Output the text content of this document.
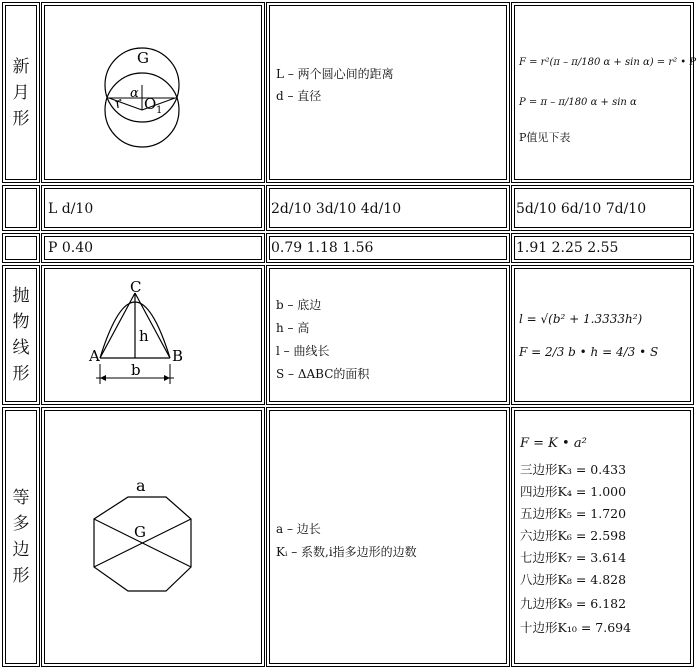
新
月
形
G
r
α
O 1
L – 两个圆心间的距离
d – 直径
F = r²(π – π/180 α + sin α) = r² • P
P = π – π/180 α + sin α
P值见下表
L d/10	2d/10 3d/10 4d/10	5d/10 6d/10 7d/10
P 0.40	0.79 1.18 1.56	1.91 2.25 2.55
抛
物
线
形
C
A	B
h
b
b – 底边
h – 高
l – 曲线长
S – ΔABC的面积
l = √(b² + 1.3333h²)
F = 2/3 b • h = 4/3 • S
等
多
边
形
a
G	a – 边长
Kᵢ – 系数,i指多边形的边数
F = K • a²
三边形K₃ = 0.433
四边形K₄ = 1.000
五边形K₅ = 1.720
六边形K₆ = 2.598
七边形K₇ = 3.614
八边形K₈ = 4.828
九边形K₉ = 6.182
十边形K₁₀ = 7.694
